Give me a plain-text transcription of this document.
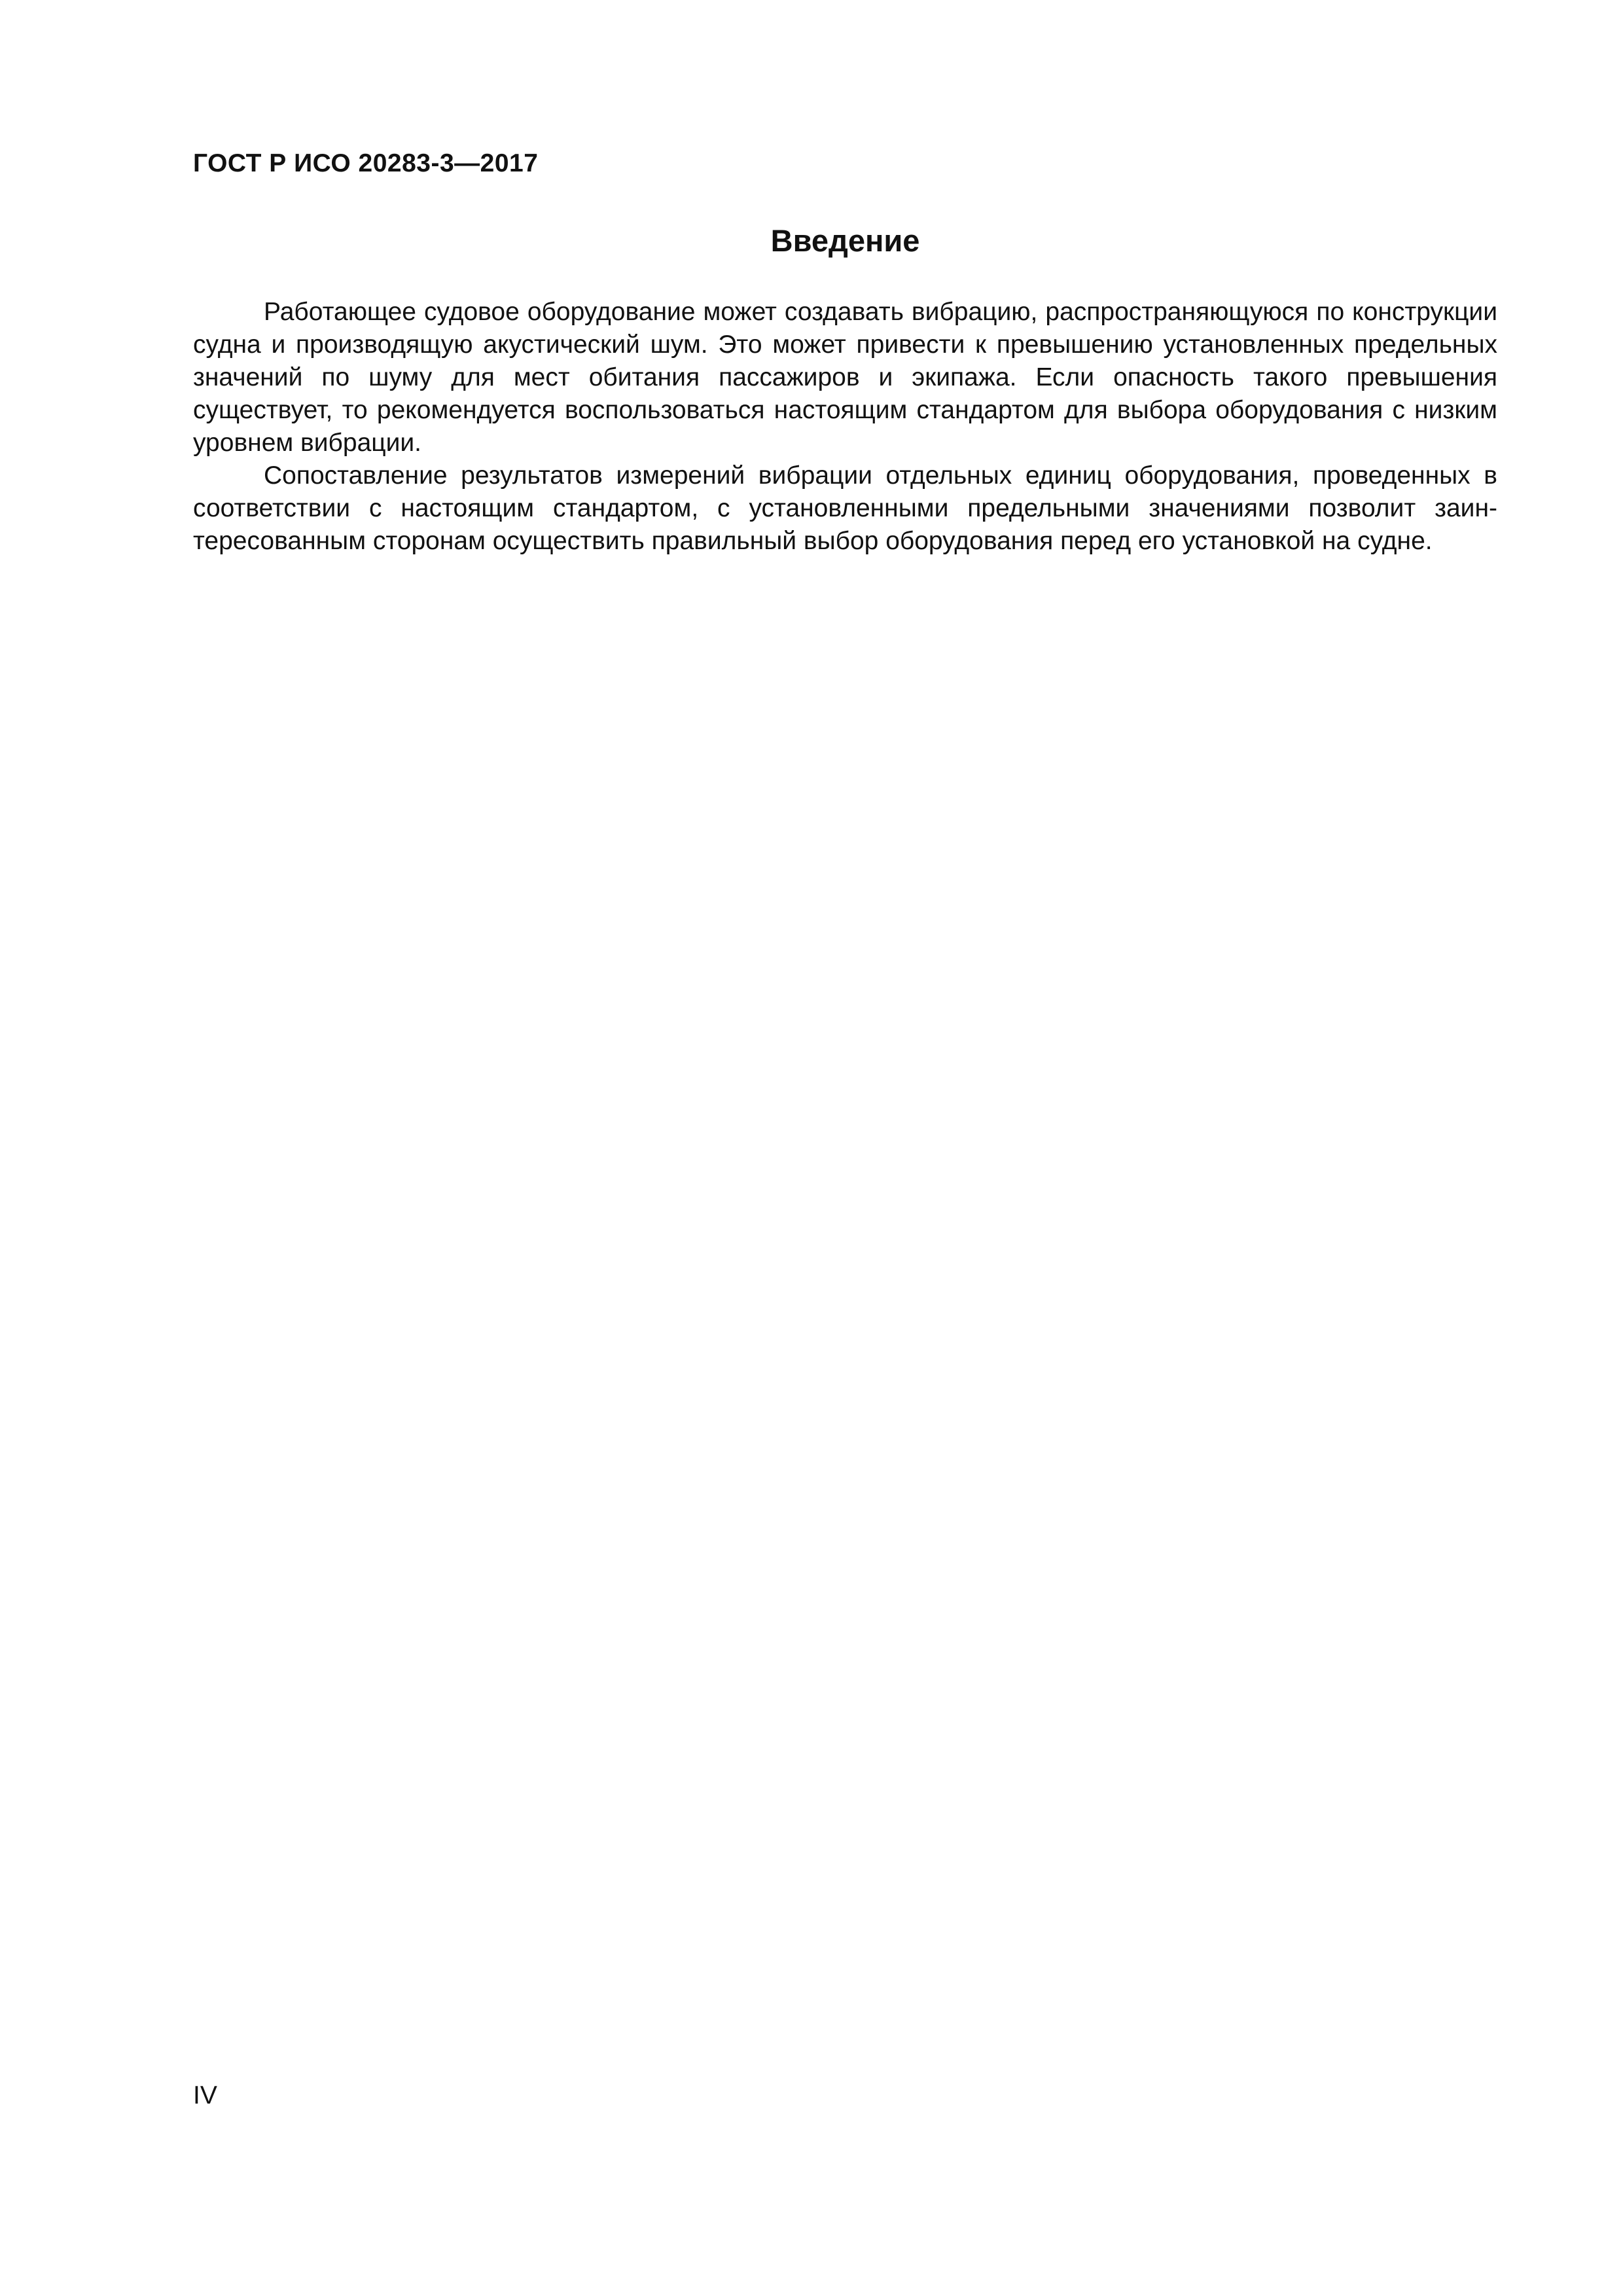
ГОСТ Р ИСО 20283-3—2017
Введение

Работающее судовое оборудование может создавать вибрацию, распространяющуюся по конструкции судна и производящую акустический шум. Это может привести к превышению установленных предельных значений по шуму для мест обитания пассажиров и экипажа. Если опасность такого превышения существует, то рекомендуется воспользоваться настоящим стандартом для выбора оборудования с низким уровнем вибрации.

Сопоставление результатов измерений вибрации отдельных единиц оборудования, проведенных в соответствии с настоящим стандартом, с установленными предельными значениями позволит заинтересованным сторонам осуществить правильный выбор оборудования перед его установкой на судне.

IV
